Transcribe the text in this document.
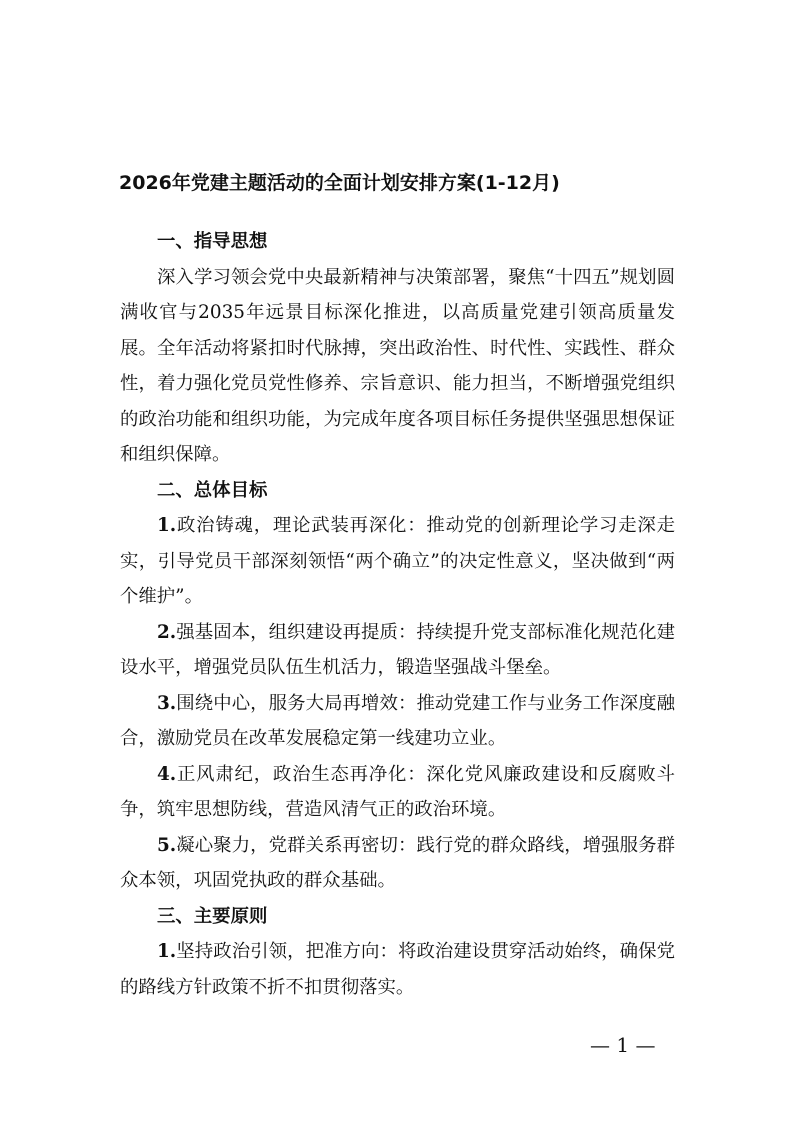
2026年党建主题活动的全面计划安排方案(1-12月)

一、指导思想

深入学习领会党中央最新精神与决策部署，聚焦“十四五”规划圆满收官与2035年远景目标深化推进，以高质量党建引领高质量发展。全年活动将紧扣时代脉搏，突出政治性、时代性、实践性、群众性，着力强化党员党性修养、宗旨意识、能力担当，不断增强党组织的政治功能和组织功能，为完成年度各项目标任务提供坚强思想保证和组织保障。

二、总体目标

1.政治铸魂，理论武装再深化：推动党的创新理论学习走深走实，引导党员干部深刻领悟“两个确立”的决定性意义，坚决做到“两个维护”。

2.强基固本，组织建设再提质：持续提升党支部标准化规范化建设水平，增强党员队伍生机活力，锻造坚强战斗堡垒。

3.围绕中心，服务大局再增效：推动党建工作与业务工作深度融合，激励党员在改革发展稳定第一线建功立业。

4.正风肃纪，政治生态再净化：深化党风廉政建设和反腐败斗争，筑牢思想防线，营造风清气正的政治环境。

5.凝心聚力，党群关系再密切：践行党的群众路线，增强服务群众本领，巩固党执政的群众基础。

三、主要原则

1.坚持政治引领，把准方向：将政治建设贯穿活动始终，确保党的路线方针政策不折不扣贯彻落实。

— 1 —
